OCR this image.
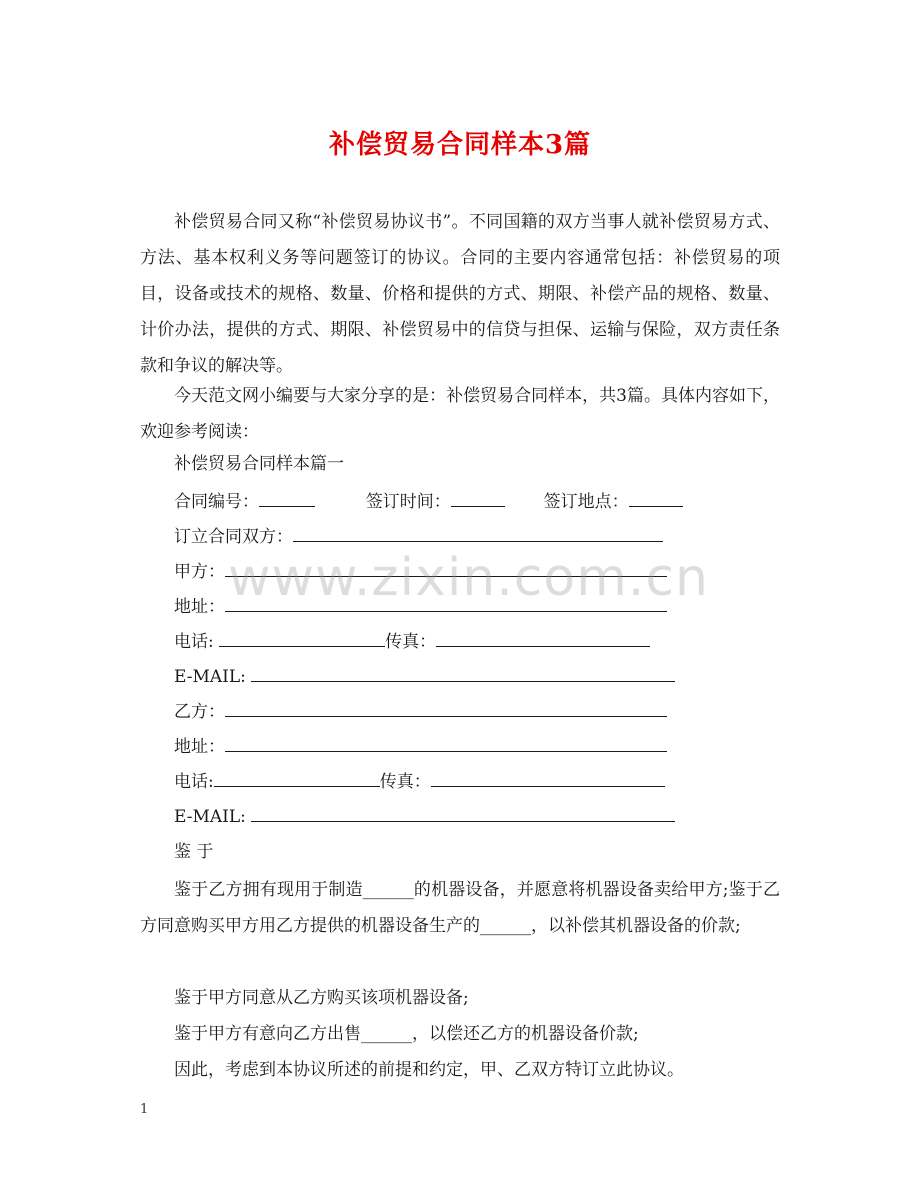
补偿贸易合同样本3篇

补偿贸易合同又称“补偿贸易协议书”。不同国籍的双方当事人就补偿贸易方式、方法、基本权利义务等问题签订的协议。合同的主要内容通常包括：补偿贸易的项目，设备或技术的规格、数量、价格和提供的方式、期限、补偿产品的规格、数量、计价办法，提供的方式、期限、补偿贸易中的信贷与担保、运输与保险，双方责任条款和争议的解决等。

今天范文网小编要与大家分享的是：补偿贸易合同样本，共3篇。具体内容如下，欢迎参考阅读：

补偿贸易合同样本篇一
合同编号：	签订时间：	签订地点：
订立合同双方：
甲方：
地址：
电话:	传真：
E-MAIL:
乙方：
地址：
电话:	传真：
E-MAIL:
鉴 于

鉴于乙方拥有现用于制造______的机器设备，并愿意将机器设备卖给甲方;鉴于乙方同意购买甲方用乙方提供的机器设备生产的______，以补偿其机器设备的价款;

鉴于甲方同意从乙方购买该项机器设备;

鉴于甲方有意向乙方出售______，以偿还乙方的机器设备价款;

因此，考虑到本协议所述的前提和约定，甲、乙双方特订立此协议。

www.zixin.com.cn
1
